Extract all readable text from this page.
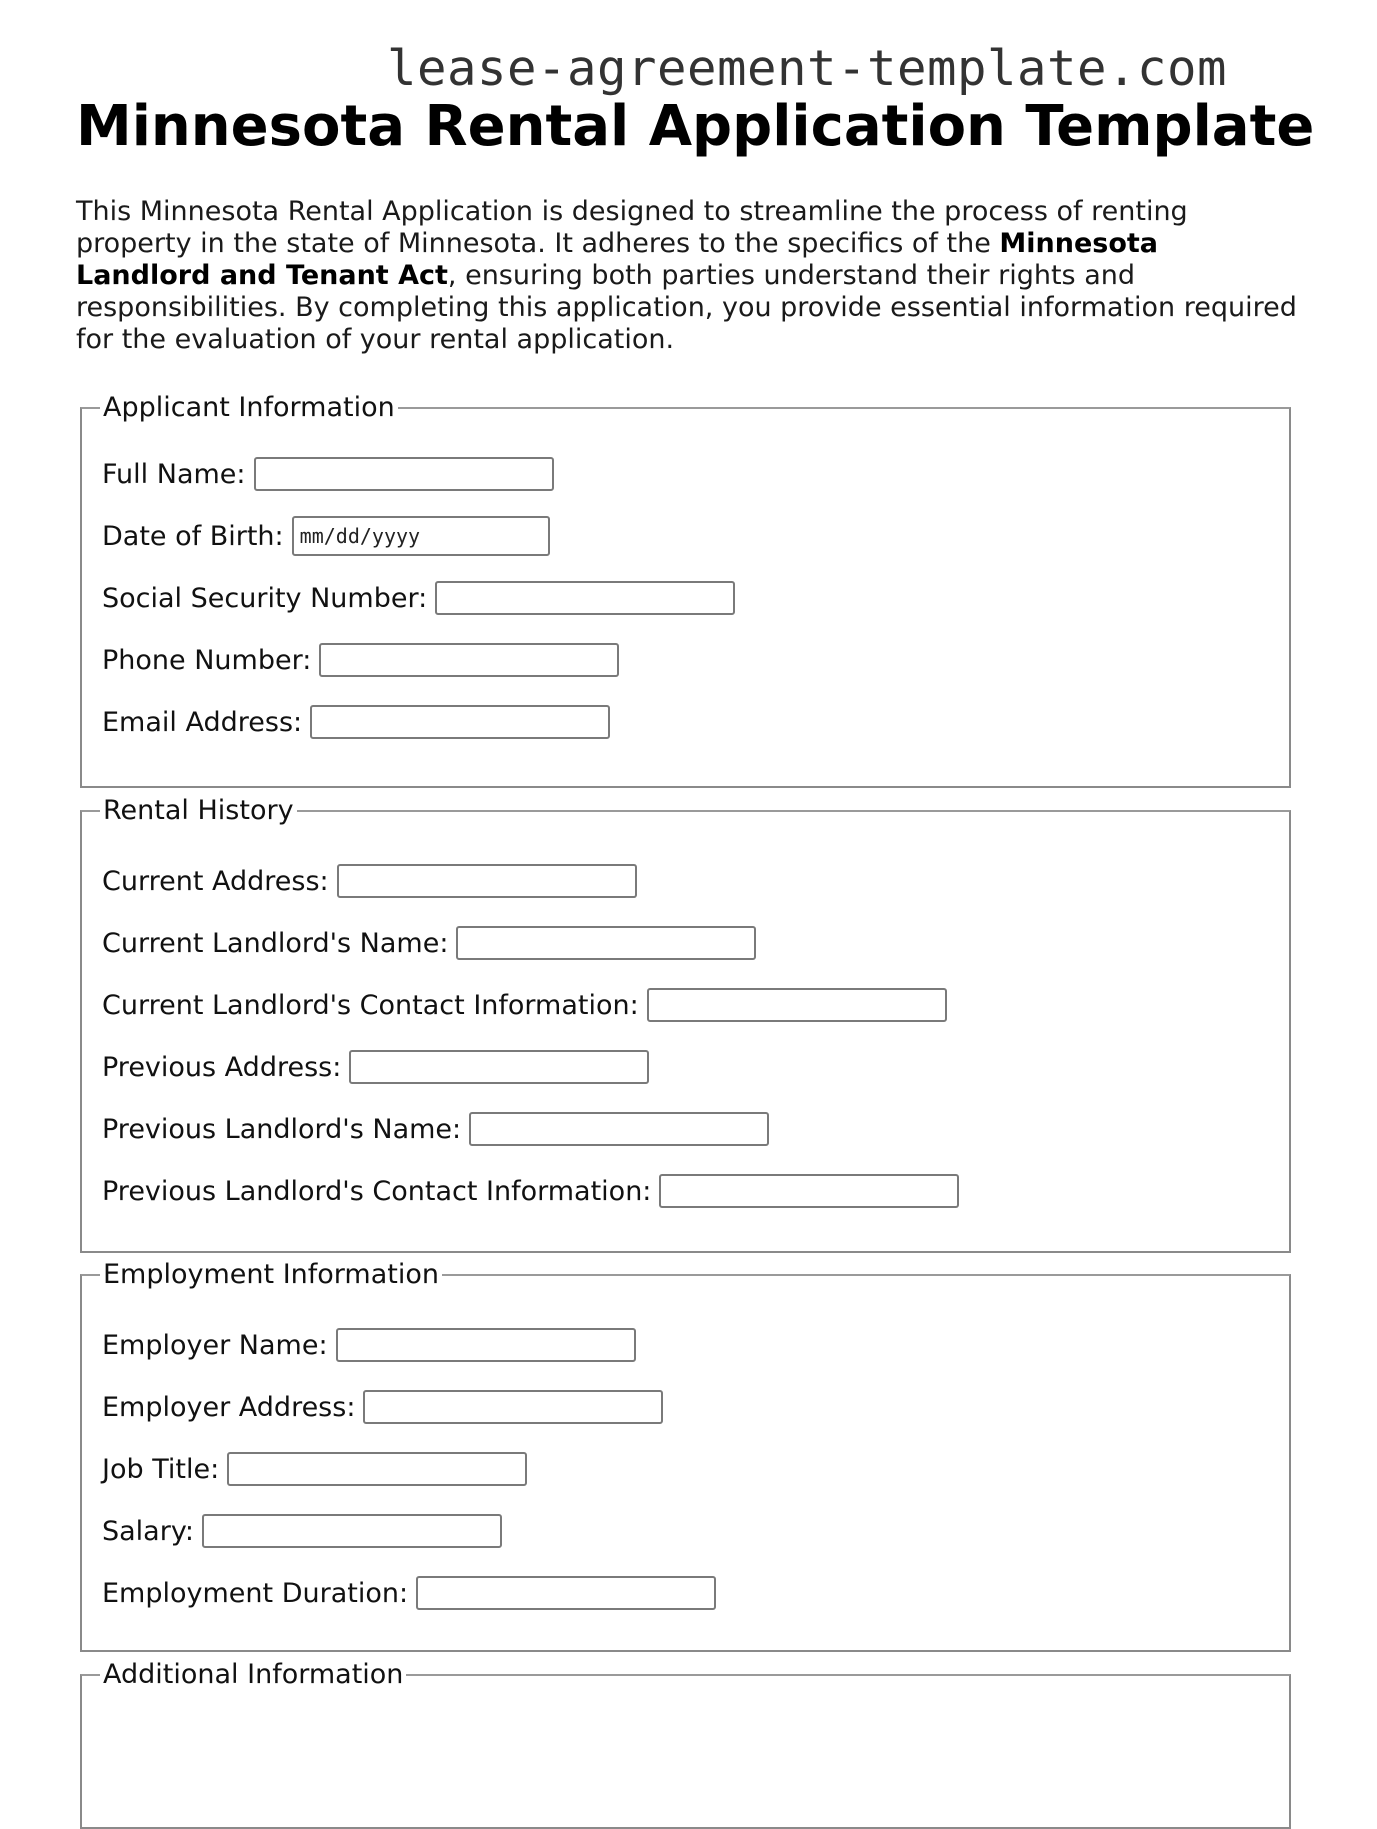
lease-agreement-template.com
Minnesota Rental Application Template

This Minnesota Rental Application is designed to streamline the process of renting property in the state of Minnesota. It adheres to the specifics of the Minnesota Landlord and Tenant Act, ensuring both parties understand their rights and responsibilities. By completing this application, you provide essential information required for the evaluation of your rental application.

Applicant Information
Full Name:
Date of Birth:
mm/dd/yyyy
Social Security Number:
Phone Number:
Email Address:
Rental History
Current Address:
Current Landlord's Name:
Current Landlord's Contact Information:
Previous Address:
Previous Landlord's Name:
Previous Landlord's Contact Information:
Employment Information
Employer Name:
Employer Address:
Job Title:
Salary:
Employment Duration:
Additional Information
